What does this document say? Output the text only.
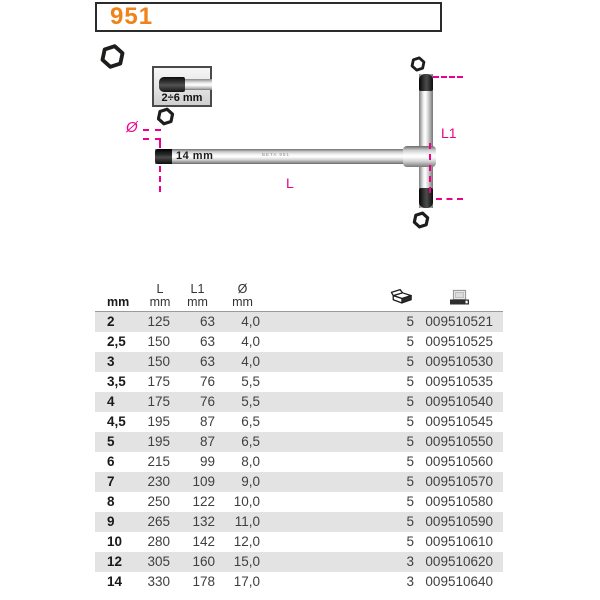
951
2÷6 mm
14 mm	BETA 951
Ø
L
L1
mm
L
mm
L1
mm
Ø
mm
2	125	63	4,0	5 009510521
2,5	150	63	4,0	5 009510525
3	150	63	4,0	5 009510530
3,5	175	76	5,5	5 009510535
4	175	76	5,5	5 009510540
4,5	195	87	6,5	5 009510545
5	195	87	6,5	5 009510550
6	215	99	8,0	5 009510560
7	230	109	9,0	5 009510570
8	250	122	10,0	5 009510580
9	265	132	11,0	5 009510590
10	280	142	12,0	5 009510610
12	305	160	15,0	3 009510620
14	330	178	17,0	3 009510640
